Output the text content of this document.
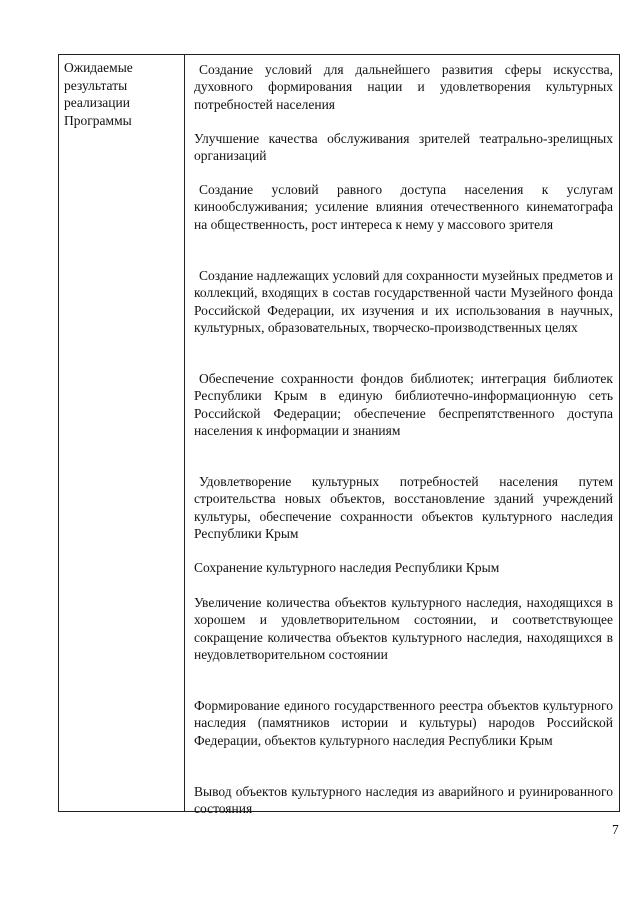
Ожидаемые результаты реализации Программы
Создание условий для дальнейшего развития сферы искусства, духовного формирования нации и удовлетворения культурных потребностей населения
Улучшение качества обслуживания зрителей театрально-зрелищных организаций
Создание условий равного доступа населения к услугам кинообслуживания; усиление влияния отечественного кинематографа на общественность, рост интереса к нему у массового зрителя
Создание надлежащих условий для сохранности музейных предметов и коллекций, входящих в состав государственной части Музейного фонда Российской Федерации, их изучения и их использования в научных, культурных, образовательных, творческо-производственных целях
Обеспечение сохранности фондов библиотек; интеграция библиотек Республики Крым в единую библиотечно-информационную сеть Российской Федерации; обеспечение беспрепятственного доступа населения к информации и знаниям
Удовлетворение культурных потребностей населения путем строительства новых объектов, восстановление зданий учреждений культуры, обеспечение сохранности объектов культурного наследия Республики Крым
Сохранение культурного наследия Республики Крым
Увеличение количества объектов культурного наследия, находящихся в хорошем и удовлетворительном состоянии, и соответствующее сокращение количества объектов культурного наследия, находящихся в неудовлетворительном состоянии
Формирование единого государственного реестра объектов культурного наследия (памятников истории и культуры) народов Российской Федерации, объектов культурного наследия Республики Крым
Вывод объектов культурного наследия из аварийного и руинированного состояния
7
